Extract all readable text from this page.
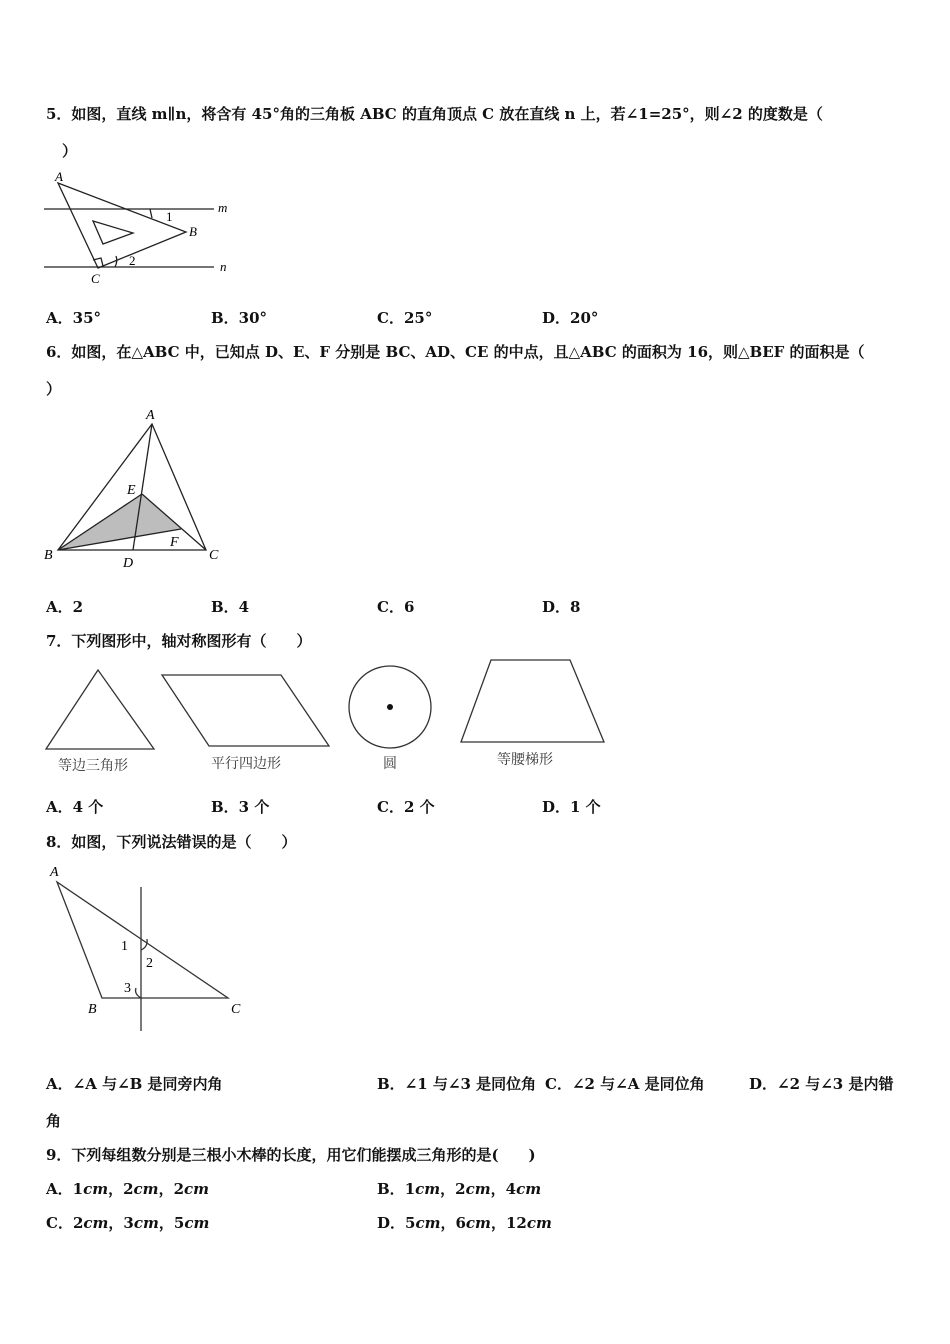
5．如图，直线 m∥n，将含有 45°角的三角板 ABC 的直角顶点 C 放在直线 n 上，若∠1=25°，则∠2 的度数是（
）
A
B
C
m
n
1
2
A．35°	B．30°	C．25°	D．20°
6．如图，在△ABC 中，已知点 D、E、F 分别是 BC、AD、CE 的中点，且△ABC 的面积为 16，则△BEF 的面积是（
）
A
B	C
D
E
F
A．2	B．4	C．6	D．8
7．下列图形中，轴对称图形有（　　）
等边三角形	平行四边形	圆	等腰梯形
A．4 个	B．3 个	C．2 个	D．1 个
8．如图，下列说法错误的是（　　）
A
B	C
1
2
3
A．∠A 与∠B 是同旁内角	B．∠1 与∠3 是同位角 C．∠2 与∠A 是同位角	D．∠2 与∠3 是内错
角
9．下列每组数分别是三根小木棒的长度，用它们能摆成三角形的是(　　)
A．1cm，2cm，2cm	B．1cm，2cm，4cm
C．2cm，3cm，5cm	D．5cm，6cm，12cm
